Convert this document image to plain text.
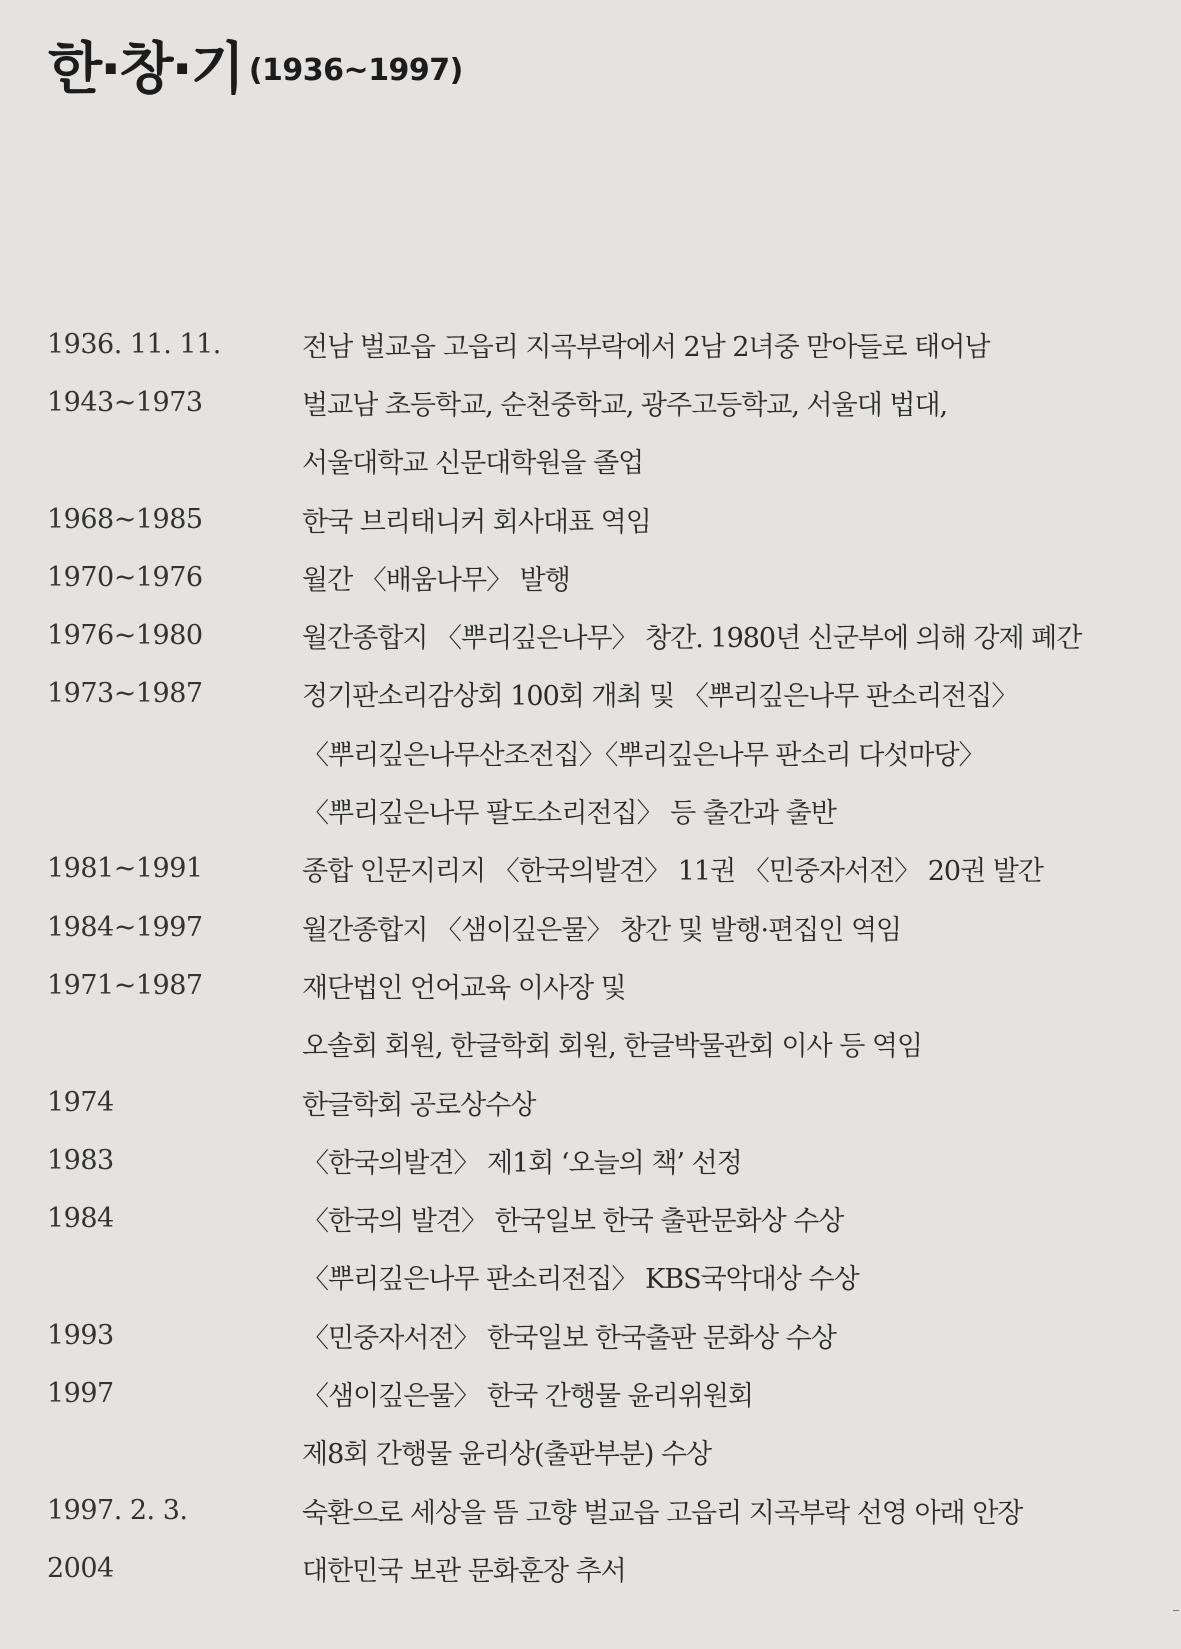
한·창·기 (1936~1997)
1936. 11. 11.	전남 벌교읍 고읍리 지곡부락에서 2남 2녀중 맏아들로 태어남
1943~1973	벌교남 초등학교, 순천중학교, 광주고등학교, 서울대 법대,
서울대학교 신문대학원을 졸업
1968~1985	한국 브리태니커 회사대표 역임
1970~1976	월간 〈배움나무〉 발행
1976~1980	월간종합지 〈뿌리깊은나무〉 창간. 1980년 신군부에 의해 강제 폐간
1973~1987	정기판소리감상회 100회 개최 및 〈뿌리깊은나무 판소리전집〉
〈뿌리깊은나무산조전집〉〈뿌리깊은나무 판소리 다섯마당〉
〈뿌리깊은나무 팔도소리전집〉 등 출간과 출반
1981~1991	종합 인문지리지 〈한국의발견〉 11권 〈민중자서전〉 20권 발간
1984~1997	월간종합지 〈샘이깊은물〉 창간 및 발행·편집인 역임
1971~1987	재단법인 언어교육 이사장 및
오솔회 회원, 한글학회 회원, 한글박물관회 이사 등 역임
1974	한글학회 공로상수상
1983	〈한국의발견〉 제1회 ‘오늘의 책’ 선정
1984	〈한국의 발견〉 한국일보 한국 출판문화상 수상
〈뿌리깊은나무 판소리전집〉 KBS국악대상 수상
1993	〈민중자서전〉 한국일보 한국출판 문화상 수상
1997	〈샘이깊은물〉 한국 간행물 윤리위원회
제8회 간행물 윤리상(출판부분) 수상
1997. 2. 3.	숙환으로 세상을 뜸 고향 벌교읍 고읍리 지곡부락 선영 아래 안장
2004	대한민국 보관 문화훈장 추서
